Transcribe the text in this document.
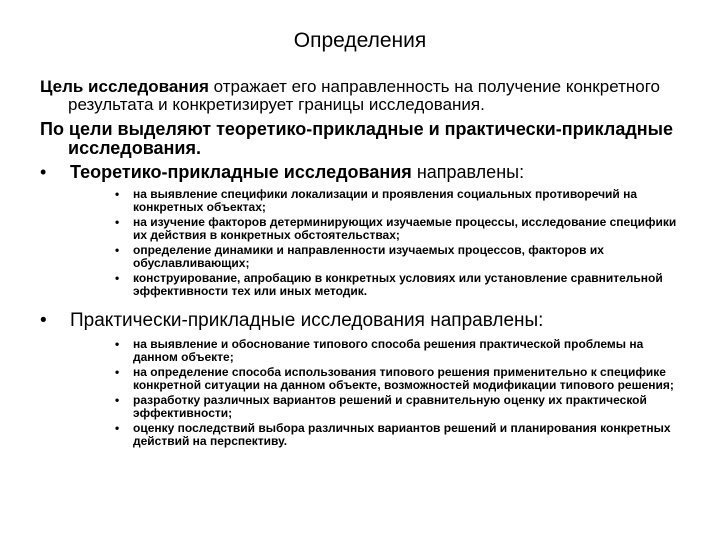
Определения

Цель исследования отражает его направленность на получение конкретного результата и конкретизирует границы исследования.

По цели выделяют теоретико-прикладные и практически-прикладные исследования.

• Теоретико-прикладные исследования направлены:
• на выявление специфики локализации и проявления социальных противоречий на конкретных объектах;
• на изучение факторов детерминирующих изучаемые процессы, исследование специфики их действия в конкретных обстоятельствах;
• определение динамики и направленности изучаемых процессов, факторов их обуславливающих;
• конструирование, апробацию в конкретных условиях или установление сравнительной эффективности тех или иных методик.
• Практически-прикладные исследования направлены:
• на выявление и обоснование типового способа решения практической проблемы на данном объекте;
• на определение способа использования типового решения применительно к специфике конкретной ситуации на данном объекте, возможностей модификации типового решения;
• разработку различных вариантов решений и сравнительную оценку их практической эффективности;
• оценку последствий выбора различных вариантов решений и планирования конкретных действий на перспективу.
